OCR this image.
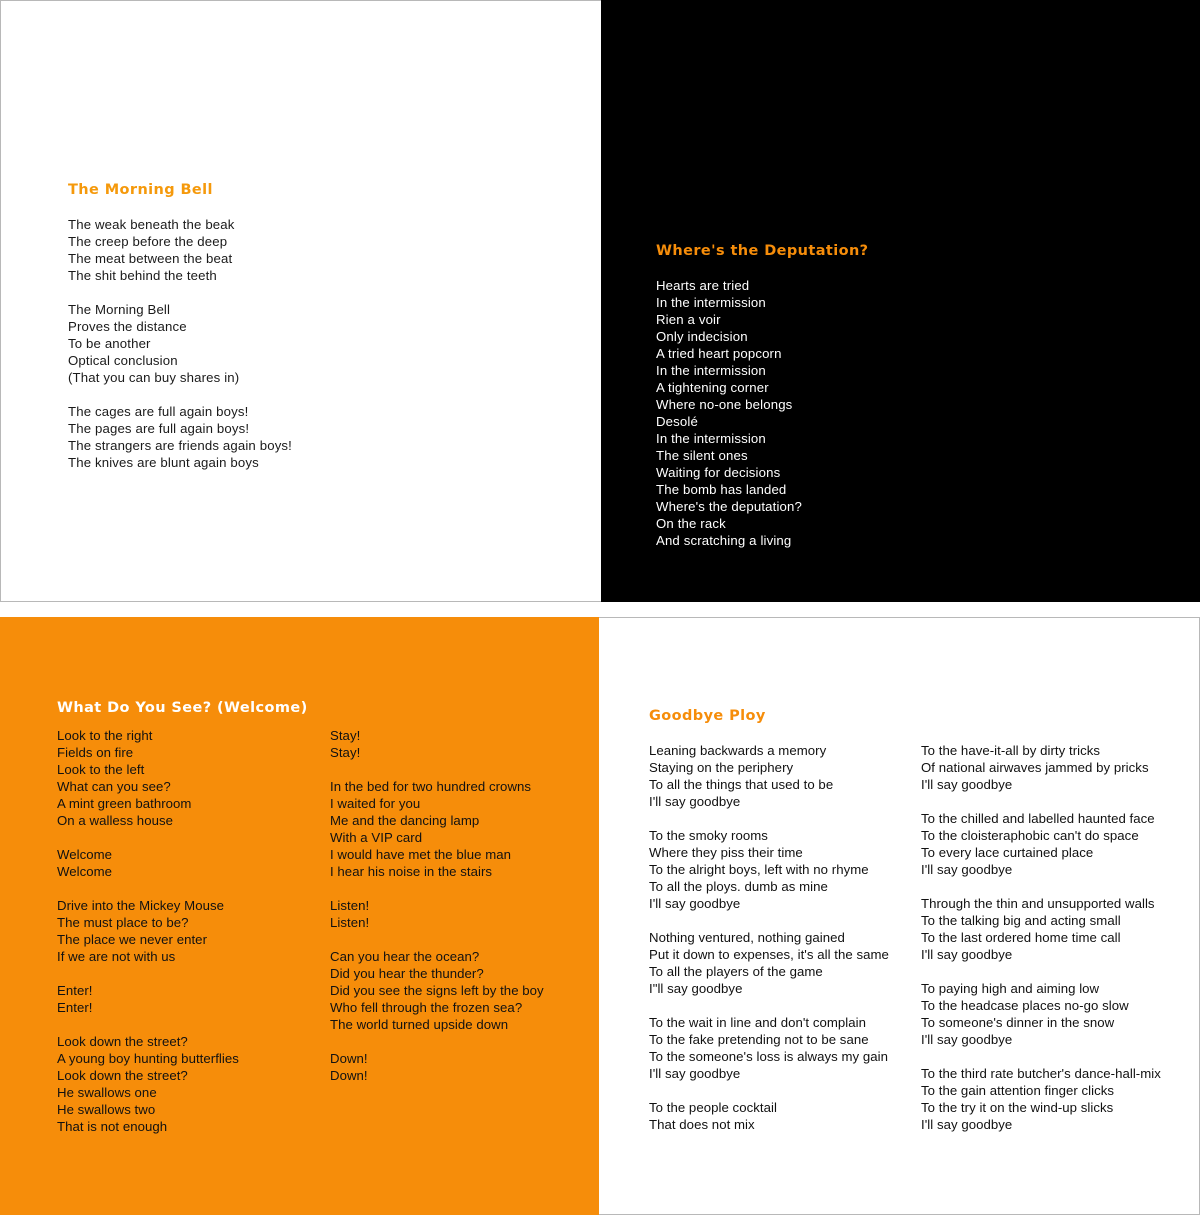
The Morning Bell
The weak beneath the beak
The creep before the deep
The meat between the beat
The shit behind the teeth
The Morning Bell
Proves the distance
To be another
Optical conclusion
(That you can buy shares in)
The cages are full again boys!
The pages are full again boys!
The strangers are friends again boys!
The knives are blunt again boys
Where's the Deputation?
Hearts are tried
In the intermission
Rien a voir
Only indecision
A tried heart popcorn
In the intermission
A tightening corner
Where no-one belongs
Desolé
In the intermission
The silent ones
Waiting for decisions
The bomb has landed
Where's the deputation?
On the rack
And scratching a living
What Do You See? (Welcome)
Look to the right
Fields on fire
Look to the left
What can you see?
A mint green bathroom
On a walless house
Welcome
Welcome
Drive into the Mickey Mouse
The must place to be?
The place we never enter
If we are not with us
Enter!
Enter!
Look down the street?
A young boy hunting butterflies
Look down the street?
He swallows one
He swallows two
That is not enough
Stay!
Stay!
In the bed for two hundred crowns
I waited for you
Me and the dancing lamp
With a VIP card
I would have met the blue man
I hear his noise in the stairs
Listen!
Listen!
Can you hear the ocean?
Did you hear the thunder?
Did you see the signs left by the boy
Who fell through the frozen sea?
The world turned upside down
Down!
Down!
Goodbye Ploy
Leaning backwards a memory
Staying on the periphery
To all the things that used to be
I'll say goodbye
To the smoky rooms
Where they piss their time
To the alright boys, left with no rhyme
To all the ploys. dumb as mine
I'll say goodbye
Nothing ventured, nothing gained
Put it down to expenses, it's all the same
To all the players of the game
I"ll say goodbye
To the wait in line and don't complain
To the fake pretending not to be sane
To the someone's loss is always my gain
I'll say goodbye
To the people cocktail
That does not mix
To the have-it-all by dirty tricks
Of national airwaves jammed by pricks
I'll say goodbye
To the chilled and labelled haunted face
To the cloisteraphobic can't do space
To every lace curtained place
I'll say goodbye
Through the thin and unsupported walls
To the talking big and acting small
To the last ordered home time call
I'll say goodbye
To paying high and aiming low
To the headcase places no-go slow
To someone's dinner in the snow
I'll say goodbye
To the third rate butcher's dance-hall-mix
To the gain attention finger clicks
To the try it on the wind-up slicks
I'll say goodbye
